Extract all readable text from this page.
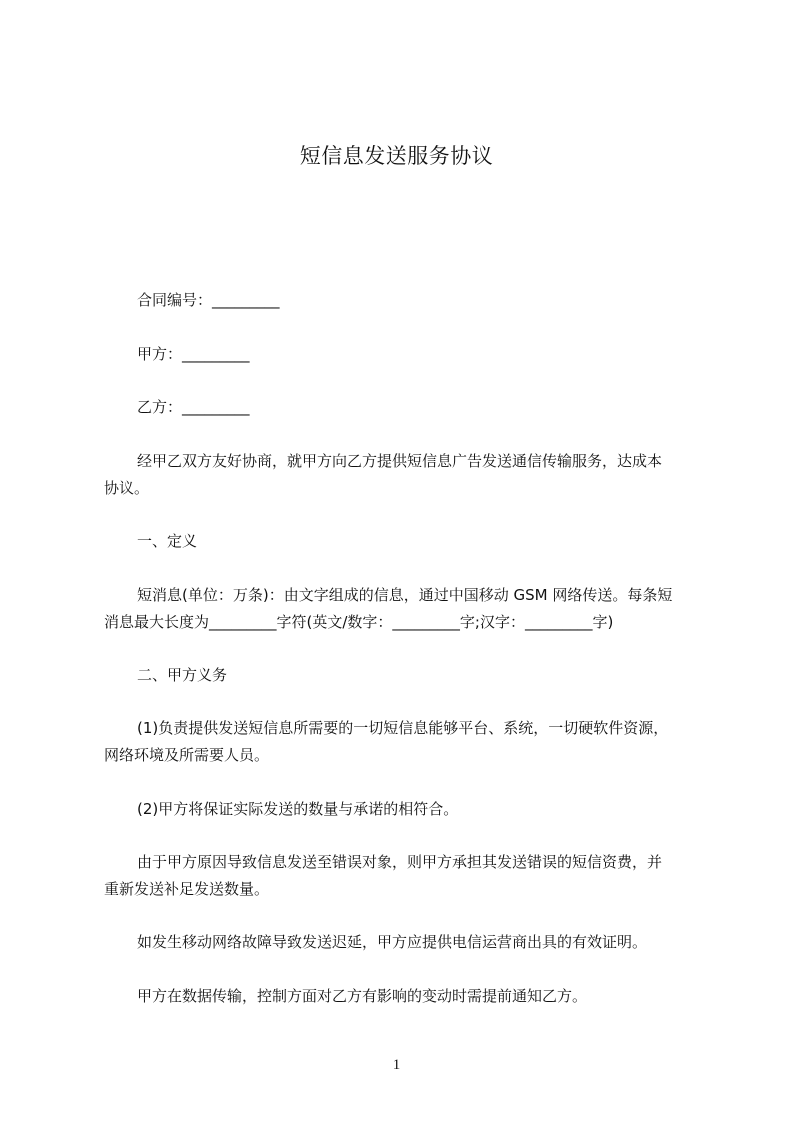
短信息发送服务协议
合同编号：_________
甲方：_________
乙方：_________
经甲乙双方友好协商，就甲方向乙方提供短信息广告发送通信传输服务，达成本
协议。
一、定义
短消息(单位：万条)：由文字组成的信息，通过中国移动 GSM 网络传送。每条短
消息最大长度为_________字符(英文/数字：_________字;汉字：_________字)
二、甲方义务
(1)负责提供发送短信息所需要的一切短信息能够平台、系统，一切硬软件资源，
网络环境及所需要人员。
(2)甲方将保证实际发送的数量与承诺的相符合。
由于甲方原因导致信息发送至错误对象，则甲方承担其发送错误的短信资费，并
重新发送补足发送数量。
如发生移动网络故障导致发送迟延，甲方应提供电信运营商出具的有效证明。
甲方在数据传输，控制方面对乙方有影响的变动时需提前通知乙方。
1
